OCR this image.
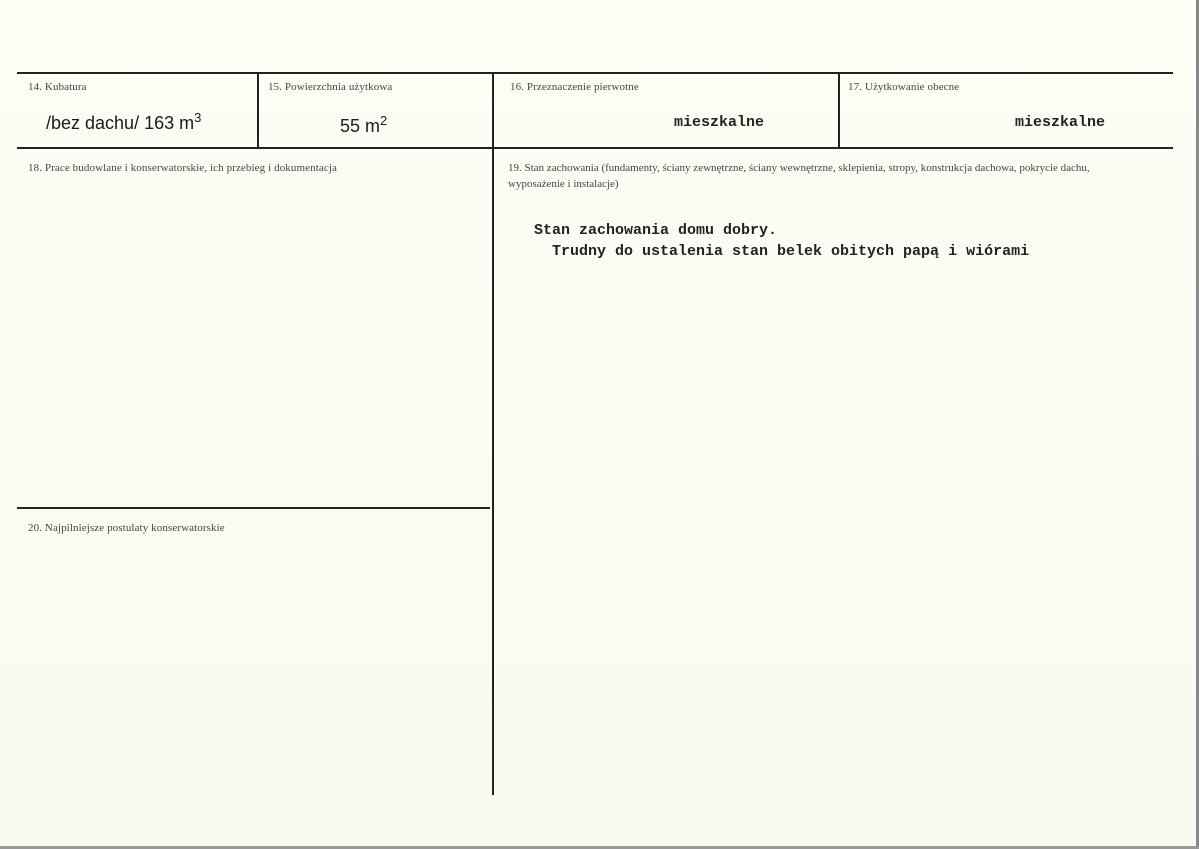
14. Kubatura
/bez dachu/ 163 $m^3$
15. Powierzchnia użytkowa
55 $m^2$
16. Przeznaczenie pierwotne
mieszkalne
17. Użytkowanie obecne
mieszkalne
18. Prace budowlane i konserwatorskie, ich przebieg i dokumentacja	19. Stan zachowania (fundamenty, ściany zewnętrzne, ściany wewnętrzne, sklepienia, stropy, konstrukcja dachowa, pokrycie dachu, wyposażenie i instalacje)
Stan zachowania domu dobry.
Trudny do ustalenia stan belek obitych papą i wiórami
20. Najpilniejsze postulaty konserwatorskie
